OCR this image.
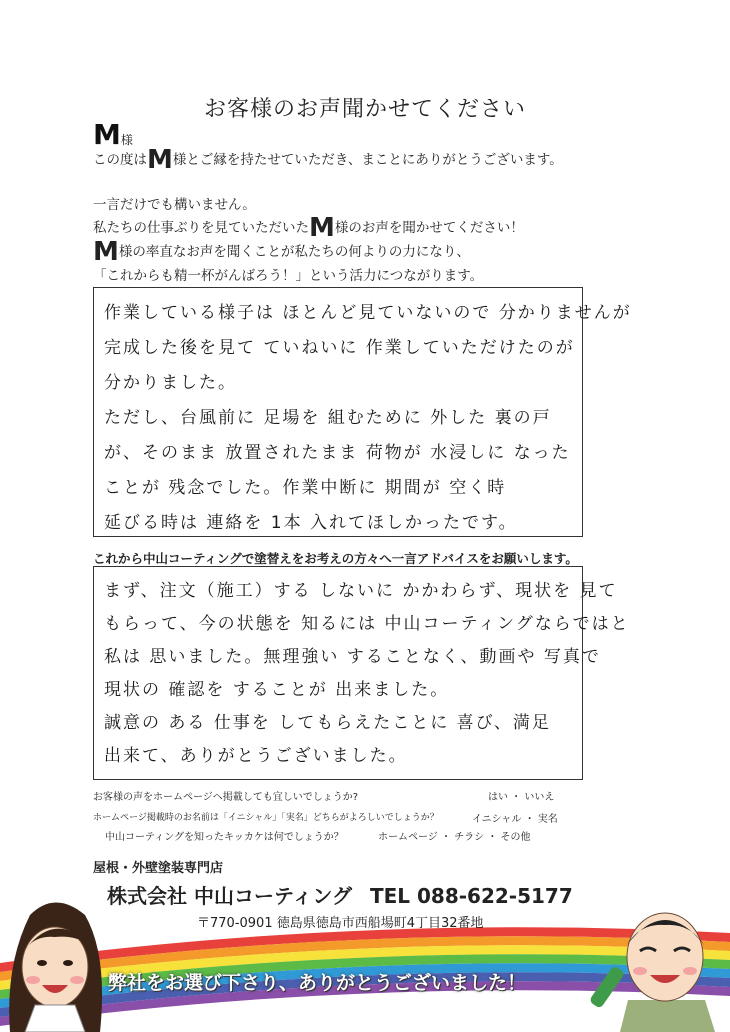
お客様のお声聞かせてください
M様
この度はM様とご縁を持たせていただき、まことにありがとうございます。
一言だけでも構いません。
私たちの仕事ぶりを見ていただいたM様のお声を聞かせてください！
M様の率直なお声を聞くことが私たちの何よりの力になり、
「これからも精一杯がんばろう！」という活力につながります。
作業している様子は ほとんど見ていないので 分かりませんが
完成した後を見て ていねいに 作業していただけたのが
分かりました。
ただし、台風前に 足場を 組むために 外した 裏の戸
が、そのまま 放置されたまま 荷物が 水浸しに なった
ことが 残念でした。作業中断に 期間が 空く時
延びる時は 連絡を 1本 入れてほしかったです。
これから中山コーティングで塗替えをお考えの方々へ一言アドバイスをお願いします。
まず、注文（施工）する しないに かかわらず、現状を 見て
もらって、今の状態を 知るには 中山コーティングならではと
私は 思いました。無理強い することなく、動画や 写真で
現状の 確認を することが 出来ました。
誠意の ある 仕事を してもらえたことに 喜び、満足
出来て、ありがとうございました。
お客様の声をホームページへ掲載しても宜しいでしょうか?	はい ・ いいえ
ホームページ掲載時のお名前は「イニシャル」「実名」どちらがよろしいでしょうか？	イニシャル ・ 実名
中山コーティングを知ったキッカケは何でしょうか？	ホームページ ・ チラシ ・ その他
屋根・外壁塗装専門店
株式会社 中山コーティング TEL 088-622-5177
〒770-0901 徳島県徳島市西船場町4丁目32番地
弊社をお選び下さり、ありがとうございました！
